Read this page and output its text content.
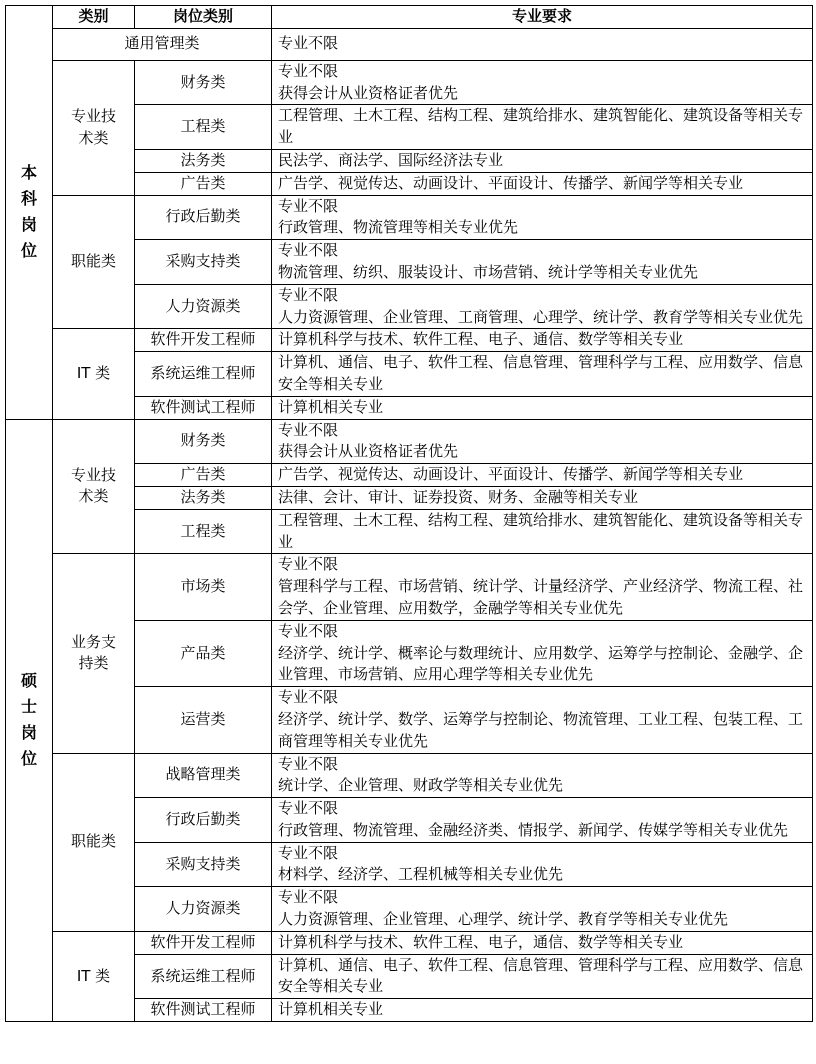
本科岗位	类别	岗位类别	专业要求
	通用管理类		专业不限
	专业技术类	财务类	专业不限
获得会计从业资格证者优先
		工程类	工程管理、土木工程、结构工程、建筑给排水、建筑智能化、建筑设备等相关专业
		法务类	民法学、商法学、国际经济法专业
		广告类	广告学、视觉传达、动画设计、平面设计、传播学、新闻学等相关专业
	职能类	行政后勤类	专业不限
行政管理、物流管理等相关专业优先
		采购支持类	专业不限
物流管理、纺织、服装设计、市场营销、统计学等相关专业优先
		人力资源类	专业不限
人力资源管理、企业管理、工商管理、心理学、统计学、教育学等相关专业优先
	IT 类	软件开发工程师	计算机科学与技术、软件工程、电子、通信、数学等相关专业
		系统运维工程师	计算机、通信、电子、软件工程、信息管理、管理科学与工程、应用数学、信息安全等相关专业
		软件测试工程师	计算机相关专业
硕士岗位	专业技术类	财务类	专业不限
获得会计从业资格证者优先
		广告类	广告学、视觉传达、动画设计、平面设计、传播学、新闻学等相关专业
		法务类	法律、会计、审计、证券投资、财务、金融等相关专业
		工程类	工程管理、土木工程、结构工程、建筑给排水、建筑智能化、建筑设备等相关专业
	业务支持类	市场类	专业不限
管理科学与工程、市场营销、统计学、计量经济学、产业经济学、物流工程、社会学、企业管理、应用数学，金融学等相关专业优先
		产品类	专业不限
经济学、统计学、概率论与数理统计、应用数学、运筹学与控制论、金融学、企业管理、市场营销、应用心理学等相关专业优先
		运营类	专业不限
经济学、统计学、数学、运筹学与控制论、物流管理、工业工程、包装工程、工商管理等相关专业优先
	职能类	战略管理类	专业不限
统计学、企业管理、财政学等相关专业优先
		行政后勤类	专业不限
行政管理、物流管理、金融经济类、情报学、新闻学、传媒学等相关专业优先
		采购支持类	专业不限
材料学、经济学、工程机械等相关专业优先
		人力资源类	专业不限
人力资源管理、企业管理、心理学、统计学、教育学等相关专业优先
	IT 类	软件开发工程师	计算机科学与技术、软件工程、电子，通信、数学等相关专业
		系统运维工程师	计算机、通信、电子、软件工程、信息管理、管理科学与工程、应用数学、信息安全等相关专业
		软件测试工程师	计算机相关专业
